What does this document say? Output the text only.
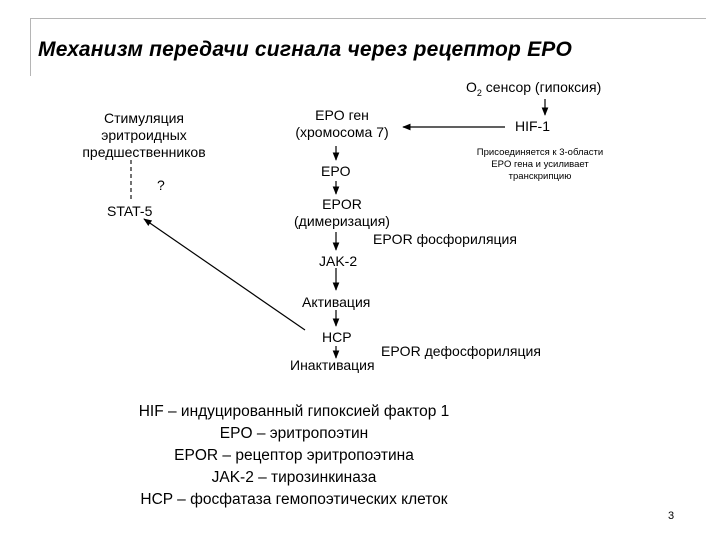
Механизм передачи сигнала через рецептор EPO
$O_2$ сенсор (гипоксия)
HIF-1
Присоединяется к 3-области
EPO гена и усиливает
транскрипцию
Стимуляция
эритроидных
предшественников
?
STAT-5
EPO ген
(хромосома 7)
EPO
EPOR
(димеризация)
EPOR фосфориляция
JAK-2
Активация
HCP
EPOR дефосфориляция
Инактивация
HIF – индуцированный гипоксией фактор 1
EPO – эритропоэтин
EPOR – рецептор эритропоэтина
JAK-2 – тирозинкиназа
HCP – фосфатаза гемопоэтических клеток
3
